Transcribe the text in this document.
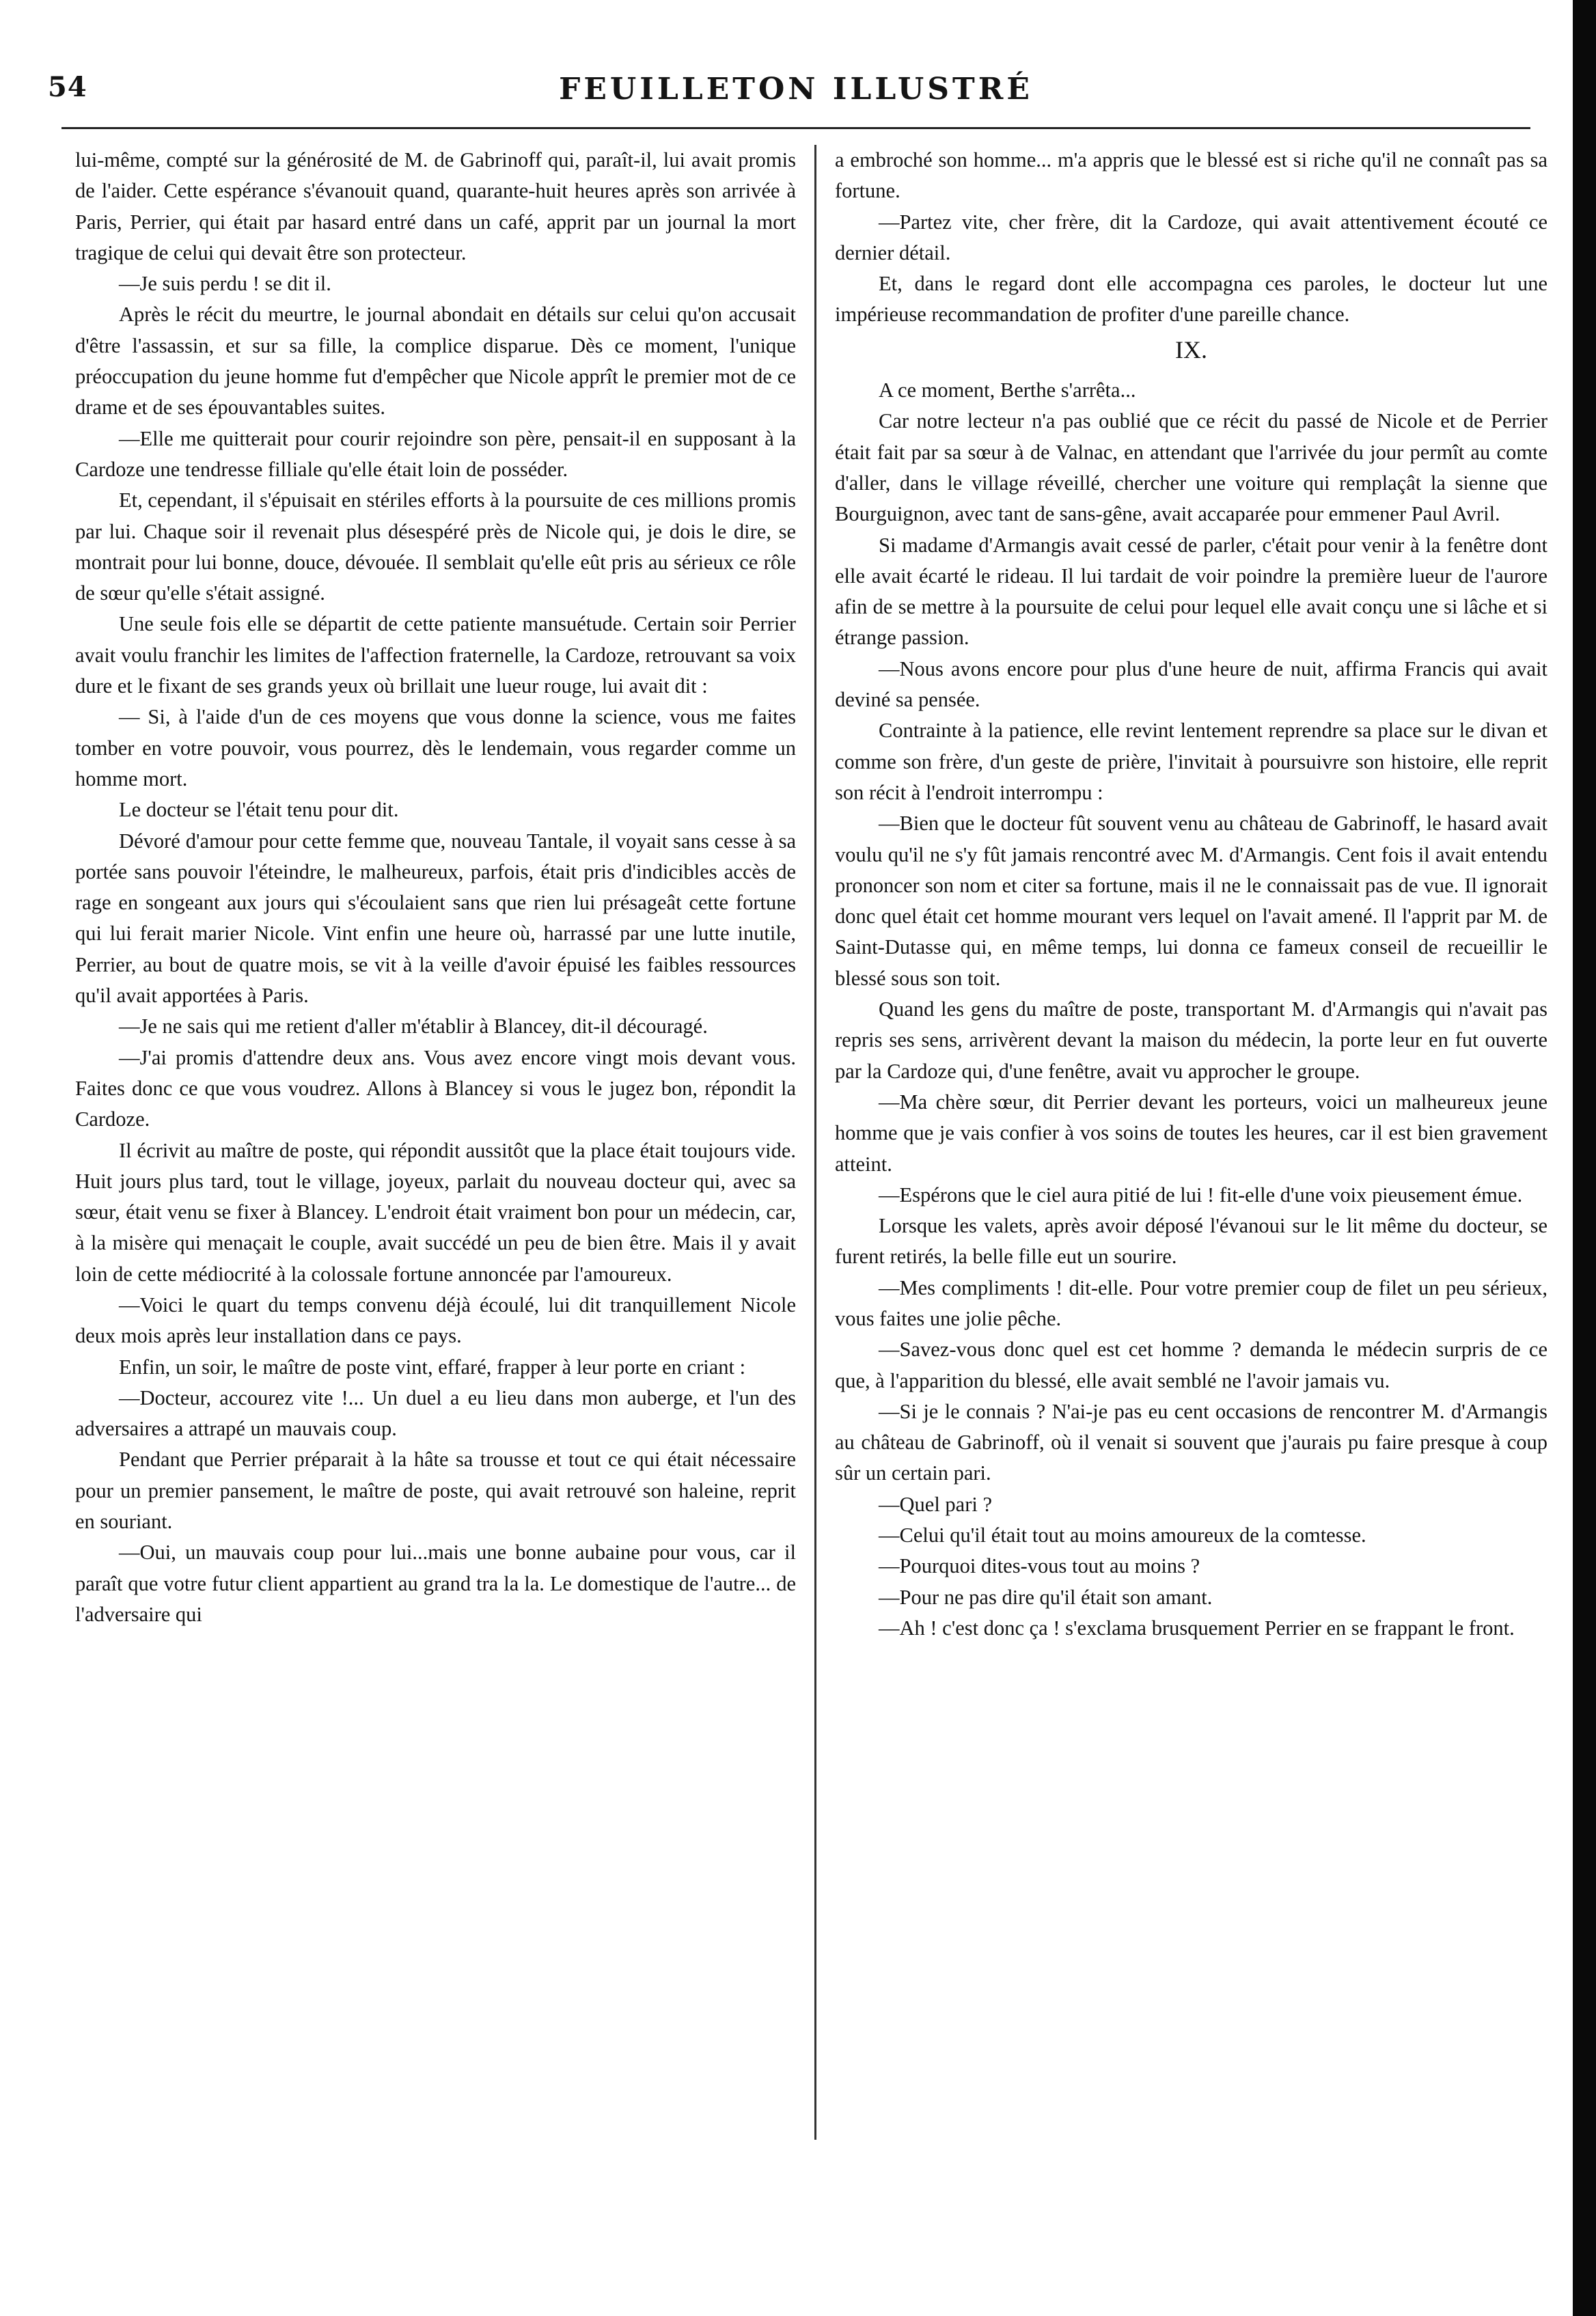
54	FEUILLETON ILLUSTRÉ

lui-même, compté sur la générosité de M. de Gabrinoff qui, paraît-il, lui avait promis de l'aider. Cette espérance s'évanouit quand, quarante-huit heures après son arrivée à Paris, Perrier, qui était par hasard entré dans un café, apprit par un journal la mort tragique de celui qui devait être son protecteur.

—Je suis perdu ! se dit il.

Après le récit du meurtre, le journal abondait en détails sur celui qu'on accusait d'être l'assassin, et sur sa fille, la complice disparue. Dès ce moment, l'unique préoccupation du jeune homme fut d'empêcher que Nicole apprît le premier mot de ce drame et de ses épouvantables suites.

—Elle me quitterait pour courir rejoindre son père, pensait-il en supposant à la Cardoze une tendresse filliale qu'elle était loin de posséder.

Et, cependant, il s'épuisait en stériles efforts à la poursuite de ces millions promis par lui. Chaque soir il revenait plus désespéré près de Nicole qui, je dois le dire, se montrait pour lui bonne, douce, dévouée. Il semblait qu'elle eût pris au sérieux ce rôle de sœur qu'elle s'était assigné.

Une seule fois elle se départit de cette patiente mansuétude. Certain soir Perrier avait voulu franchir les limites de l'affection fraternelle, la Cardoze, retrouvant sa voix dure et le fixant de ses grands yeux où brillait une lueur rouge, lui avait dit :

— Si, à l'aide d'un de ces moyens que vous donne la science, vous me faites tomber en votre pouvoir, vous pourrez, dès le lendemain, vous regarder comme un homme mort.

Le docteur se l'était tenu pour dit.

Dévoré d'amour pour cette femme que, nouveau Tantale, il voyait sans cesse à sa portée sans pouvoir l'éteindre, le malheureux, parfois, était pris d'indicibles accès de rage en songeant aux jours qui s'écoulaient sans que rien lui présageât cette fortune qui lui ferait marier Nicole. Vint enfin une heure où, harrassé par une lutte inutile, Perrier, au bout de quatre mois, se vit à la veille d'avoir épuisé les faibles ressources qu'il avait apportées à Paris.

—Je ne sais qui me retient d'aller m'établir à Blancey, dit-il découragé.

—J'ai promis d'attendre deux ans. Vous avez encore vingt mois devant vous. Faites donc ce que vous voudrez. Allons à Blancey si vous le jugez bon, répondit la Cardoze.

Il écrivit au maître de poste, qui répondit aussitôt que la place était toujours vide. Huit jours plus tard, tout le village, joyeux, parlait du nouveau docteur qui, avec sa sœur, était venu se fixer à Blancey. L'endroit était vraiment bon pour un médecin, car, à la misère qui menaçait le couple, avait succédé un peu de bien être. Mais il y avait loin de cette médiocrité à la colossale fortune annoncée par l'amoureux.

—Voici le quart du temps convenu déjà écoulé, lui dit tranquillement Nicole deux mois après leur installation dans ce pays.

Enfin, un soir, le maître de poste vint, effaré, frapper à leur porte en criant :

—Docteur, accourez vite !... Un duel a eu lieu dans mon auberge, et l'un des adversaires a attrapé un mauvais coup.

Pendant que Perrier préparait à la hâte sa trousse et tout ce qui était nécessaire pour un premier pansement, le maître de poste, qui avait retrouvé son haleine, reprit en souriant.

—Oui, un mauvais coup pour lui...mais une bonne aubaine pour vous, car il paraît que votre futur client appartient au grand tra la la. Le domestique de l'autre... de l'adversaire qui

a embroché son homme... m'a appris que le blessé est si riche qu'il ne connaît pas sa fortune.

—Partez vite, cher frère, dit la Cardoze, qui avait attentivement écouté ce dernier détail.

Et, dans le regard dont elle accompagna ces paroles, le docteur lut une impérieuse recommandation de profiter d'une pareille chance.

IX.

A ce moment, Berthe s'arrêta...

Car notre lecteur n'a pas oublié que ce récit du passé de Nicole et de Perrier était fait par sa sœur à de Valnac, en attendant que l'arrivée du jour permît au comte d'aller, dans le village réveillé, chercher une voiture qui remplaçât la sienne que Bourguignon, avec tant de sans-gêne, avait accaparée pour emmener Paul Avril.

Si madame d'Armangis avait cessé de parler, c'était pour venir à la fenêtre dont elle avait écarté le rideau. Il lui tardait de voir poindre la première lueur de l'aurore afin de se mettre à la poursuite de celui pour lequel elle avait conçu une si lâche et si étrange passion.

—Nous avons encore pour plus d'une heure de nuit, affirma Francis qui avait deviné sa pensée.

Contrainte à la patience, elle revint lentement reprendre sa place sur le divan et comme son frère, d'un geste de prière, l'invitait à poursuivre son histoire, elle reprit son récit à l'endroit interrompu :

—Bien que le docteur fût souvent venu au château de Gabrinoff, le hasard avait voulu qu'il ne s'y fût jamais rencontré avec M. d'Armangis. Cent fois il avait entendu prononcer son nom et citer sa fortune, mais il ne le connaissait pas de vue. Il ignorait donc quel était cet homme mourant vers lequel on l'avait amené. Il l'apprit par M. de Saint-Dutasse qui, en même temps, lui donna ce fameux conseil de recueillir le blessé sous son toit.

Quand les gens du maître de poste, transportant M. d'Armangis qui n'avait pas repris ses sens, arrivèrent devant la maison du médecin, la porte leur en fut ouverte par la Cardoze qui, d'une fenêtre, avait vu approcher le groupe.

—Ma chère sœur, dit Perrier devant les porteurs, voici un malheureux jeune homme que je vais confier à vos soins de toutes les heures, car il est bien gravement atteint.

—Espérons que le ciel aura pitié de lui ! fit-elle d'une voix pieusement émue.

Lorsque les valets, après avoir déposé l'évanoui sur le lit même du docteur, se furent retirés, la belle fille eut un sourire.

—Mes compliments ! dit-elle. Pour votre premier coup de filet un peu sérieux, vous faites une jolie pêche.

—Savez-vous donc quel est cet homme ? demanda le médecin surpris de ce que, à l'apparition du blessé, elle avait semblé ne l'avoir jamais vu.

—Si je le connais ? N'ai-je pas eu cent occasions de rencontrer M. d'Armangis au château de Gabrinoff, où il venait si souvent que j'aurais pu faire presque à coup sûr un certain pari.

—Quel pari ?

—Celui qu'il était tout au moins amoureux de la comtesse.

—Pourquoi dites-vous tout au moins ?

—Pour ne pas dire qu'il était son amant.

—Ah ! c'est donc ça ! s'exclama brusquement Perrier en se frappant le front.
